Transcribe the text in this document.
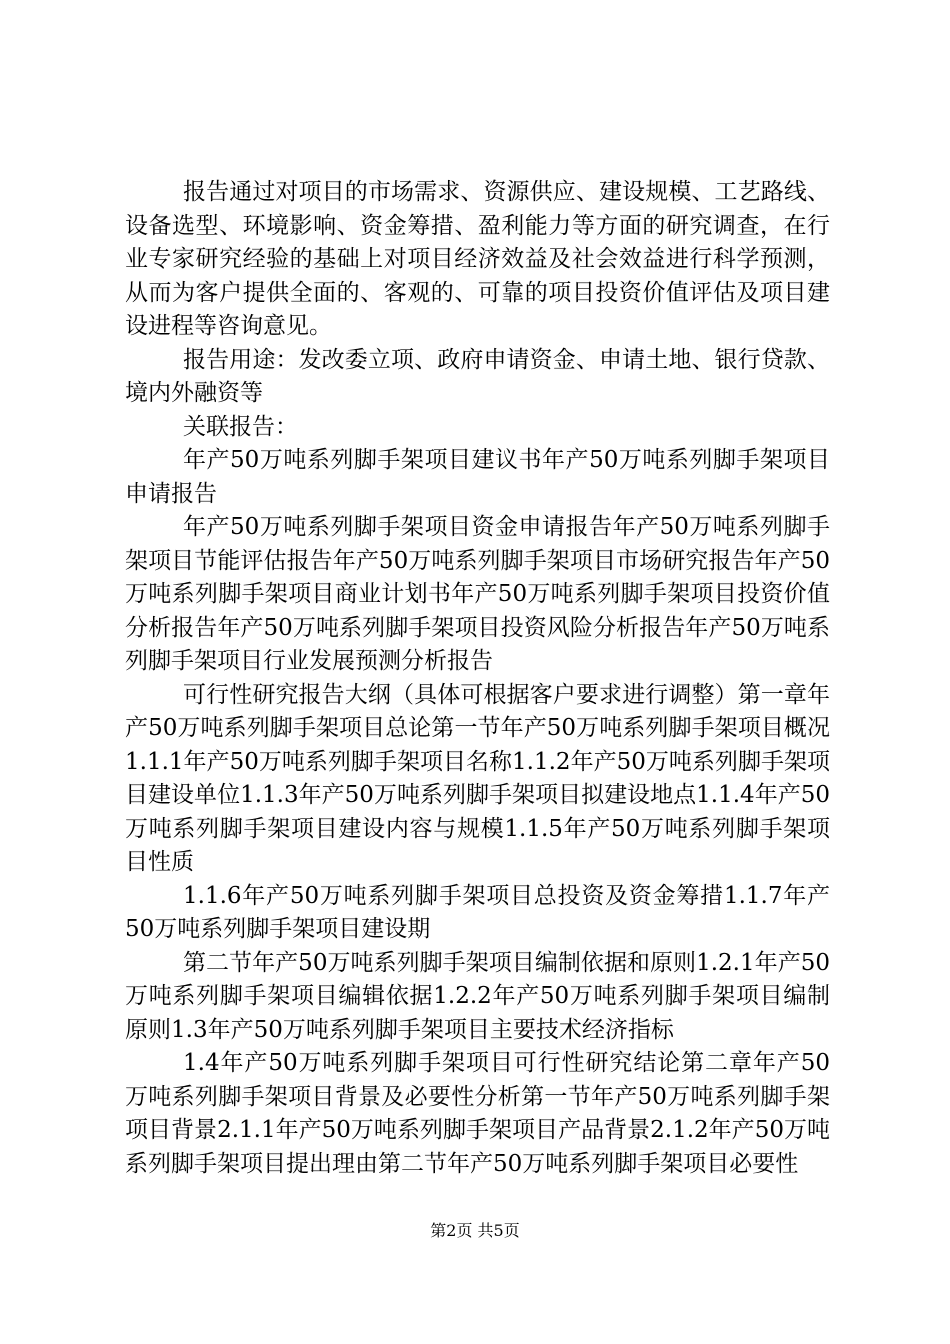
报告通过对项目的市场需求、资源供应、建设规模、工艺路线、设备选型、环境影响、资金筹措、盈利能力等方面的研究调查，在行业专家研究经验的基础上对项目经济效益及社会效益进行科学预测，从而为客户提供全面的、客观的、可靠的项目投资价值评估及项目建设进程等咨询意见。

报告用途：发改委立项、政府申请资金、申请土地、银行贷款、境内外融资等

关联报告：

年产50万吨系列脚手架项目建议书年产50万吨系列脚手架项目申请报告

年产50万吨系列脚手架项目资金申请报告年产50万吨系列脚手架项目节能评估报告年产50万吨系列脚手架项目市场研究报告年产50万吨系列脚手架项目商业计划书年产50万吨系列脚手架项目投资价值分析报告年产50万吨系列脚手架项目投资风险分析报告年产50万吨系列脚手架项目行业发展预测分析报告

可行性研究报告大纲（具体可根据客户要求进行调整）第一章年产50万吨系列脚手架项目总论第一节年产50万吨系列脚手架项目概况1.1.1年产50万吨系列脚手架项目名称1.1.2年产50万吨系列脚手架项目建设单位1.1.3年产50万吨系列脚手架项目拟建设地点1.1.4年产50万吨系列脚手架项目建设内容与规模1.1.5年产50万吨系列脚手架项目性质

1.1.6年产50万吨系列脚手架项目总投资及资金筹措1.1.7年产50万吨系列脚手架项目建设期

第二节年产50万吨系列脚手架项目编制依据和原则1.2.1年产50万吨系列脚手架项目编辑依据1.2.2年产50万吨系列脚手架项目编制原则1.3年产50万吨系列脚手架项目主要技术经济指标

1.4年产50万吨系列脚手架项目可行性研究结论第二章年产50万吨系列脚手架项目背景及必要性分析第一节年产50万吨系列脚手架项目背景2.1.1年产50万吨系列脚手架项目产品背景2.1.2年产50万吨系列脚手架项目提出理由第二节年产50万吨系列脚手架项目必要性

第2页 共5页
